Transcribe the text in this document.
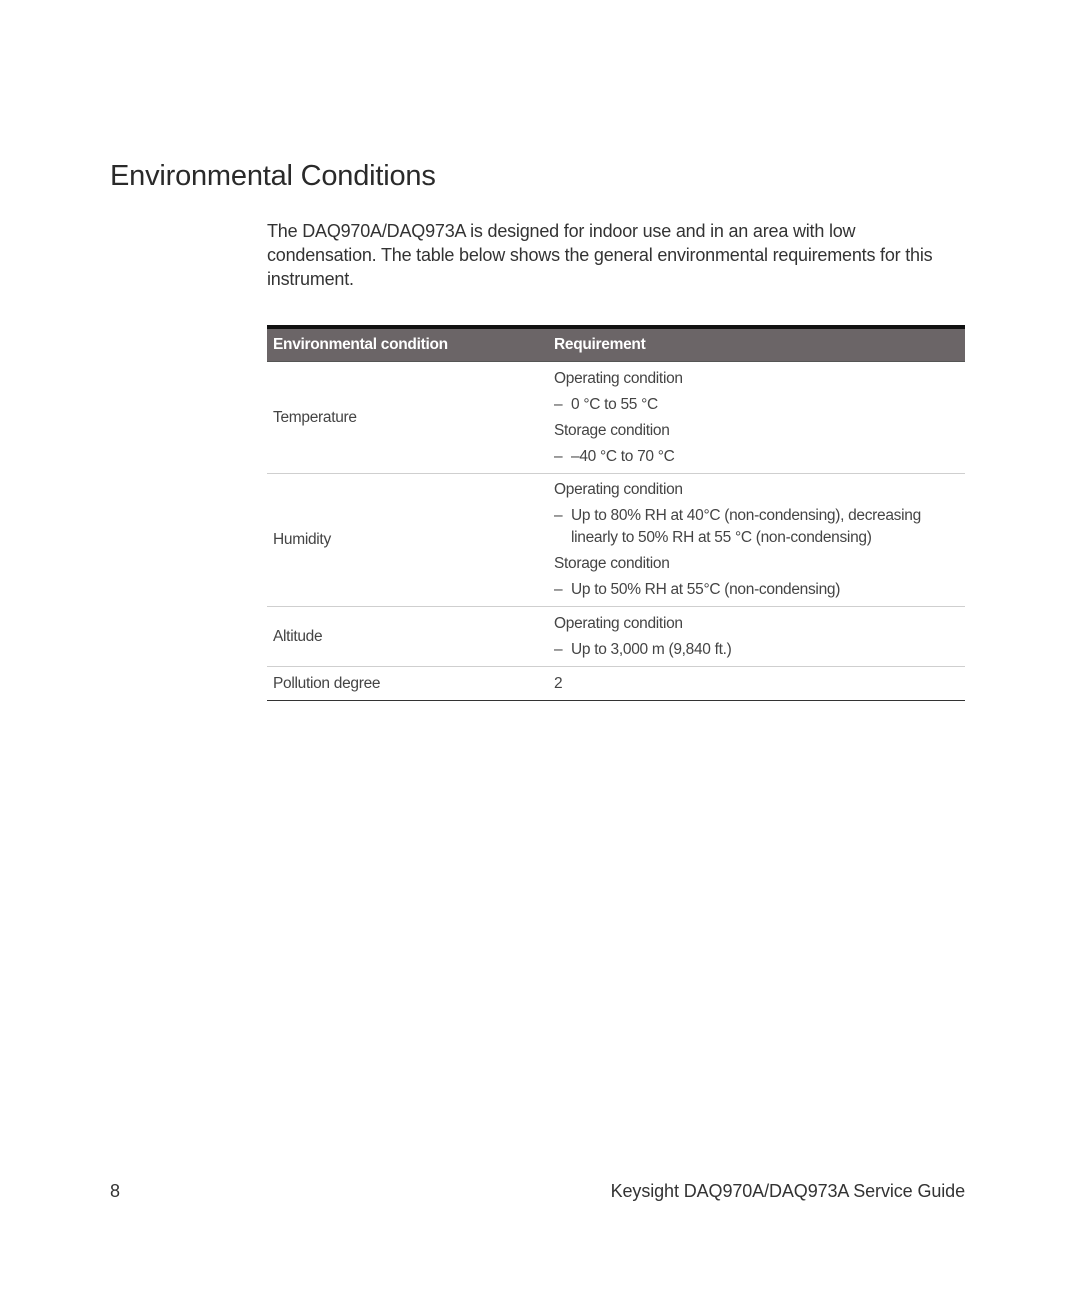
Environmental Conditions

The DAQ970A/DAQ973A is designed for indoor use and in an area with low condensation. The table below shows the general environmental requirements for this instrument.

Environmental condition	Requirement
Temperature	Operating condition
– 0 °C to 55 °C
Storage condition
– –40 °C to 70 °C

Humidity	Operating condition
– Up to 80% RH at 40°C (non-condensing), decreasing linearly to 50% RH at 55 °C (non-condensing)
Storage condition
– Up to 50% RH at 55°C (non-condensing)

Altitude	Operating condition
– Up to 3,000 m (9,840 ft.)

Pollution degree	2
8	Keysight DAQ970A/DAQ973A Service Guide
